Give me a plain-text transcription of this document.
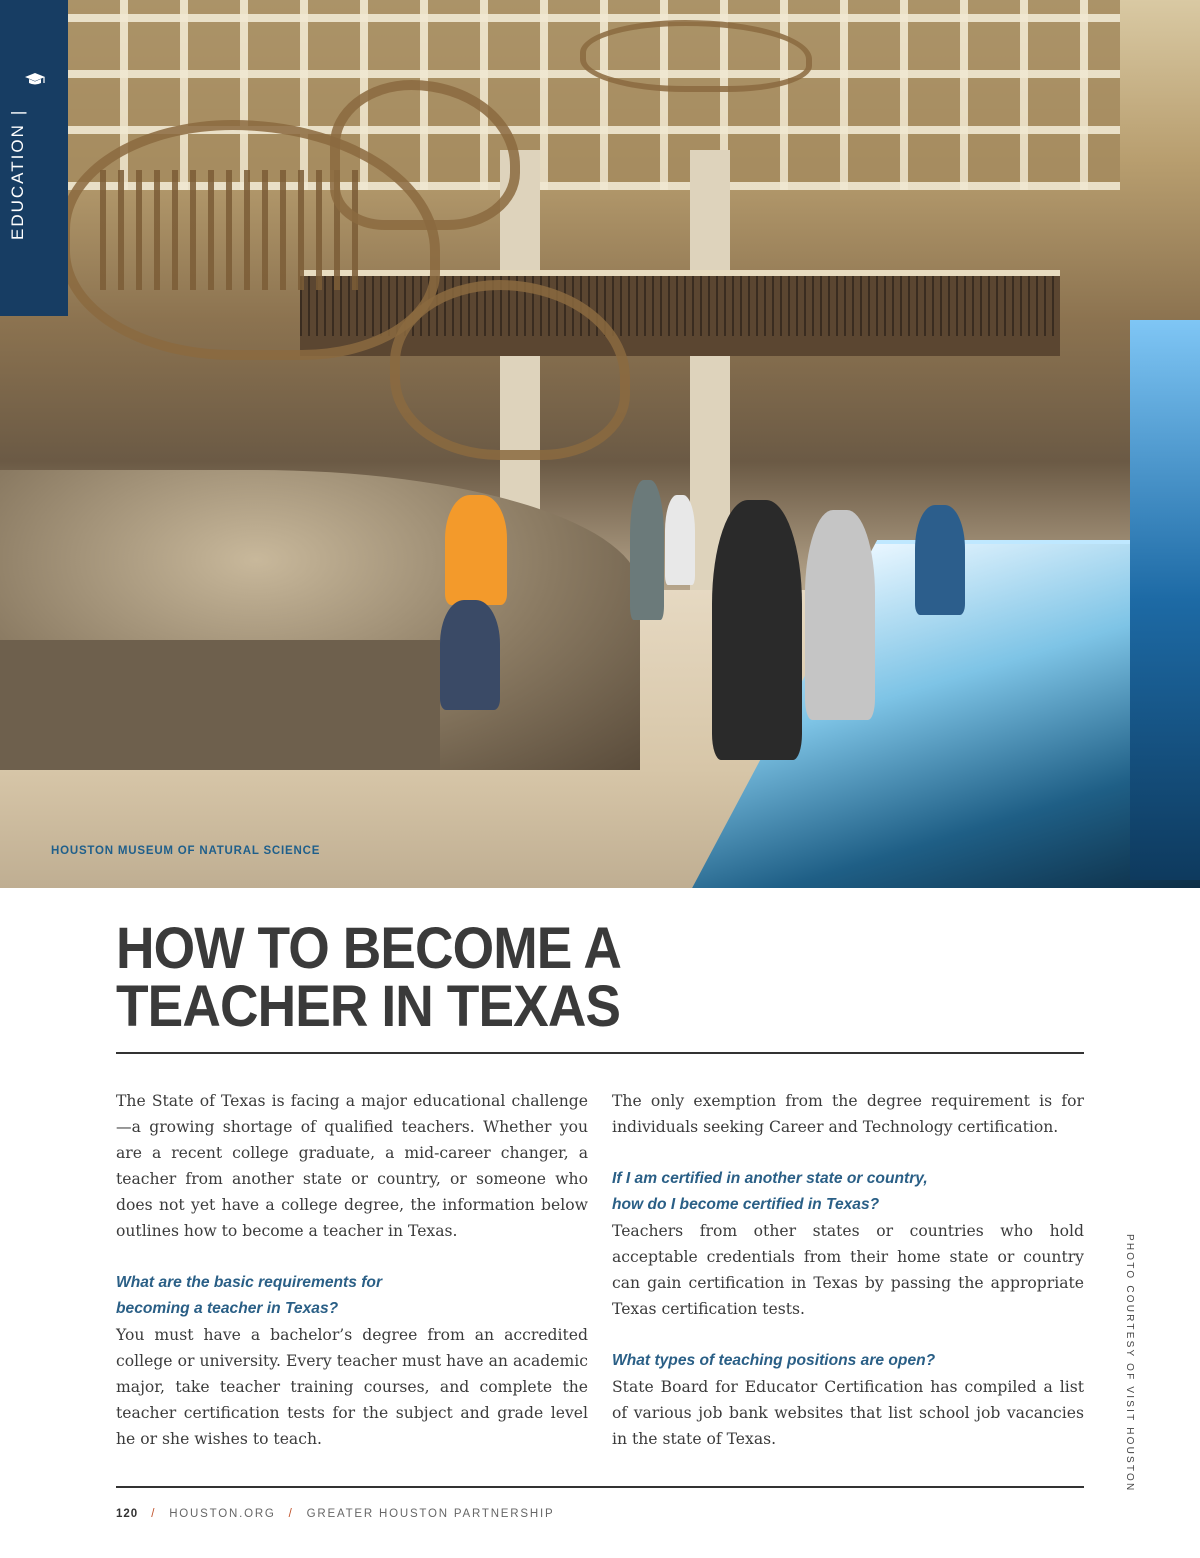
HOUSTON MUSEUM OF NATURAL SCIENCE
EDUCATION|
HOW TO BECOME A
TEACHER IN TEXAS

The State of Texas is facing a major educational challenge—a growing shortage of qualified teachers. Whether you are a recent college graduate, a mid-career changer, a teacher from another state or country, or someone who does not yet have a college degree, the information below outlines how to become a teacher in Texas.

What are the basic requirements for
becoming a teacher in Texas?

You must have a bachelor’s degree from an accredited college or university. Every teacher must have an academic major, take teacher training courses, and complete the teacher certification tests for the subject and grade level he or she wishes to teach.

The only exemption from the degree requirement is for individuals seeking Career and Technology certification.

If I am certified in another state or country,
how do I become certified in Texas?

Teachers from other states or countries who hold acceptable credentials from their home state or country can gain certification in Texas by passing the appropriate Texas certification tests.

What types of teaching positions are open?

State Board for Educator Certification has compiled a list of various job bank websites that list school job vacancies in the state of Texas.	PHOTO COURTESY OF VISIT HOUSTON
120 / HOUSTON.ORG / GREATER HOUSTON PARTNERSHIP
